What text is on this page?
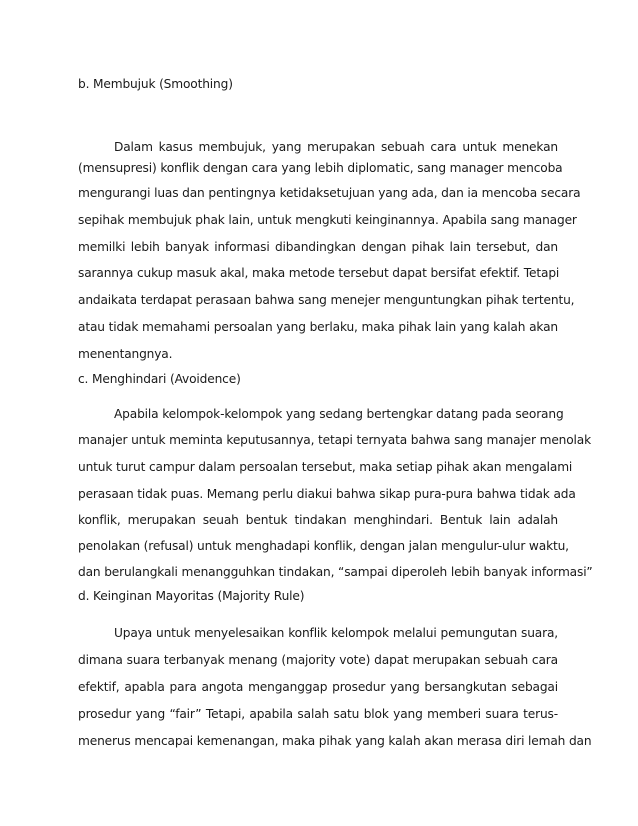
b. Membujuk (Smoothing)
Dalam kasus membujuk, yang merupakan sebuah cara untuk menekan
(mensupresi) konflik dengan cara yang lebih diplomatic, sang manager mencoba
mengurangi luas dan pentingnya ketidaksetujuan yang ada, dan ia mencoba secara
sepihak membujuk phak lain, untuk mengkuti keinginannya. Apabila sang manager
memilki lebih banyak informasi dibandingkan dengan pihak lain tersebut, dan
sarannya cukup masuk akal, maka metode tersebut dapat bersifat efektif. Tetapi
andaikata terdapat perasaan bahwa sang menejer menguntungkan pihak tertentu,
atau tidak memahami persoalan yang berlaku, maka pihak lain yang kalah akan
menentangnya.
c. Menghindari (Avoidence)
Apabila kelompok-kelompok yang sedang bertengkar datang pada seorang
manajer untuk meminta keputusannya, tetapi ternyata bahwa sang manajer menolak
untuk turut campur dalam persoalan tersebut, maka setiap pihak akan mengalami
perasaan tidak puas. Memang perlu diakui bahwa sikap pura-pura bahwa tidak ada
konflik, merupakan seuah bentuk tindakan menghindari. Bentuk lain adalah
penolakan (refusal) untuk menghadapi konflik, dengan jalan mengulur-ulur waktu,
dan berulangkali menangguhkan tindakan, “sampai diperoleh lebih banyak informasi”
d. Keinginan Mayoritas (Majority Rule)
Upaya untuk menyelesaikan konflik kelompok melalui pemungutan suara,
dimana suara terbanyak menang (majority vote) dapat merupakan sebuah cara
efektif, apabla para angota menganggap prosedur yang bersangkutan sebagai
prosedur yang “fair” Tetapi, apabila salah satu blok yang memberi suara terus-
menerus mencapai kemenangan, maka pihak yang kalah akan merasa diri lemah dan
